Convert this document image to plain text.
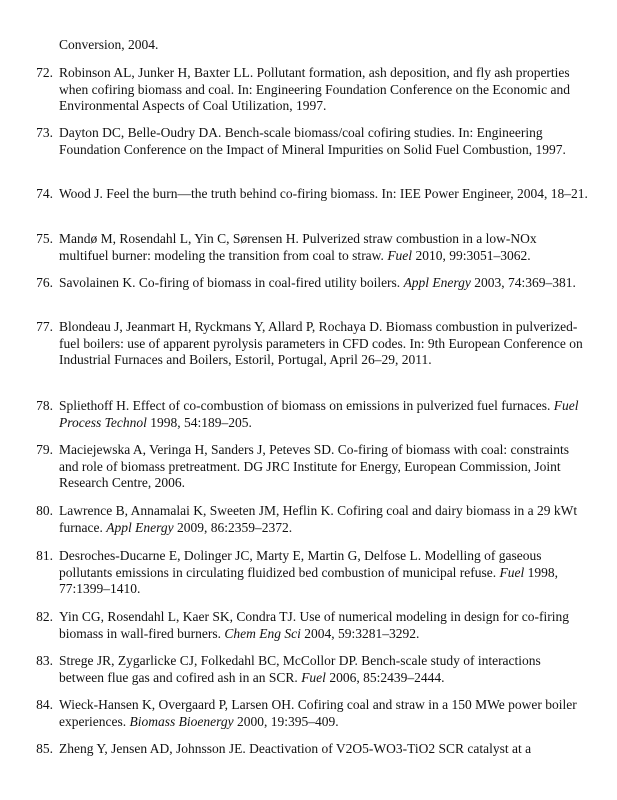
Conversion, 2004.

72. Robinson AL, Junker H, Baxter LL. Pollutant formation, ash deposition, and fly ash properties when cofiring biomass and coal. In: Engineering Foundation Conference on the Economic and Environmental Aspects of Coal Utilization, 1997.

73. Dayton DC, Belle-Oudry DA. Bench-scale biomass/coal cofiring studies. In: Engineering Foundation Conference on the Impact of Mineral Impurities on Solid Fuel Combustion, 1997.

74. Wood J. Feel the burn—the truth behind co-firing biomass. In: IEE Power Engineer, 2004, 18–21.

75. Mandø M, Rosendahl L, Yin C, Sørensen H. Pulverized straw combustion in a low-NOx multifuel burner: modeling the transition from coal to straw. Fuel 2010, 99:3051–3062.

76. Savolainen K. Co-firing of biomass in coal-fired utility boilers. Appl Energy 2003, 74:369–381.

77. Blondeau J, Jeanmart H, Ryckmans Y, Allard P, Rochaya D. Biomass combustion in pulverized-fuel boilers: use of apparent pyrolysis parameters in CFD codes. In: 9th European Conference on Industrial Furnaces and Boilers, Estoril, Portugal, April 26–29, 2011.

78. Spliethoff H. Effect of co-combustion of biomass on emissions in pulverized fuel furnaces. Fuel Process Technol 1998, 54:189–205.

79. Maciejewska A, Veringa H, Sanders J, Peteves SD. Co-firing of biomass with coal: constraints and role of biomass pretreatment. DG JRC Institute for Energy, European Commission, Joint Research Centre, 2006.

80. Lawrence B, Annamalai K, Sweeten JM, Heflin K. Cofiring coal and dairy biomass in a 29 kWt furnace. Appl Energy 2009, 86:2359–2372.

81. Desroches-Ducarne E, Dolinger JC, Marty E, Martin G, Delfose L. Modelling of gaseous pollutants emissions in circulating fluidized bed combustion of municipal refuse. Fuel 1998, 77:1399–1410.

82. Yin CG, Rosendahl L, Kaer SK, Condra TJ. Use of numerical modeling in design for co-firing biomass in wall-fired burners. Chem Eng Sci 2004, 59:3281–3292.

83. Strege JR, Zygarlicke CJ, Folkedahl BC, McCollor DP. Bench-scale study of interactions between flue gas and cofired ash in an SCR. Fuel 2006, 85:2439–2444.

84. Wieck-Hansen K, Overgaard P, Larsen OH. Cofiring coal and straw in a 150 MWe power boiler experiences. Biomass Bioenergy 2000, 19:395–409.

85. Zheng Y, Jensen AD, Johnsson JE. Deactivation of V2O5-WO3-TiO2 SCR catalyst at a
